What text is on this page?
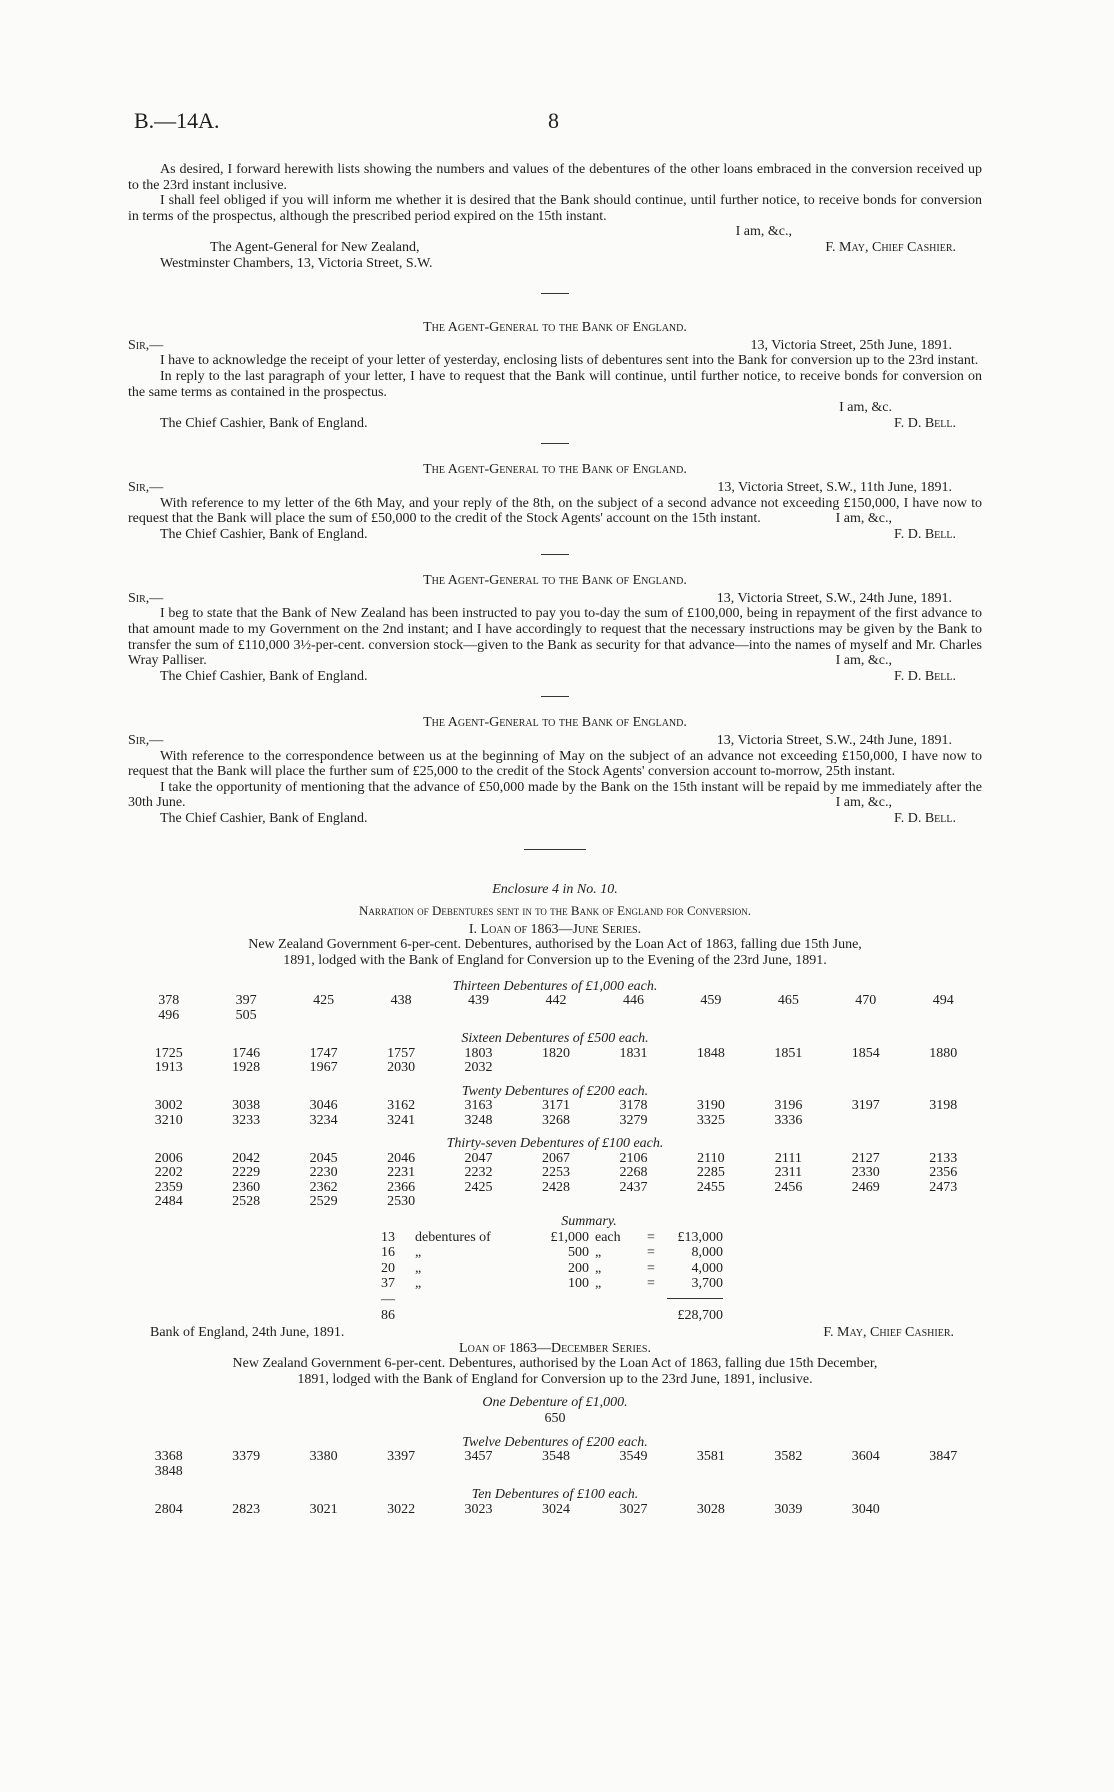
B.—14A.	8

As desired, I forward herewith lists showing the numbers and values of the debentures of the other loans embraced in the conversion received up to the 23rd instant inclusive.

I shall feel obliged if you will inform me whether it is desired that the Bank should continue, until further notice, to receive bonds for conversion in terms of the prospectus, although the prescribed period expired on the 15th instant.

I am, &c.,
The Agent-General for New Zealand,	F. May, Chief Cashier.
Westminster Chambers, 13, Victoria Street, S.W.
The Agent-General to the Bank of England.
Sir,—	13, Victoria Street, 25th June, 1891.

I have to acknowledge the receipt of your letter of yesterday, enclosing lists of debentures sent into the Bank for conversion up to the 23rd instant.

In reply to the last paragraph of your letter, I have to request that the Bank will continue, until further notice, to receive bonds for conversion on the same terms as contained in the prospectus.

I am, &c.
The Chief Cashier, Bank of England.	F. D. Bell.
The Agent-General to the Bank of England.
Sir,—	13, Victoria Street, S.W., 11th June, 1891.

With reference to my letter of the 6th May, and your reply of the 8th, on the subject of a second advance not exceeding £150,000, I have now to request that the Bank will place the sum of £50,000 to the credit of the Stock Agents' account on the 15th instant.	I am, &c.,
The Chief Cashier, Bank of England.	F. D. Bell.
The Agent-General to the Bank of England.
Sir,—	13, Victoria Street, S.W., 24th June, 1891.

I beg to state that the Bank of New Zealand has been instructed to pay you to-day the sum of £100,000, being in repayment of the first advance to that amount made to my Government on the 2nd instant; and I have accordingly to request that the necessary instructions may be given by the Bank to transfer the sum of £110,000 3½-per-cent. conversion stock—given to the Bank as security for that advance—into the names of myself and Mr. Charles Wray Palliser.	I am, &c.,
The Chief Cashier, Bank of England.	F. D. Bell.
The Agent-General to the Bank of England.
Sir,—	13, Victoria Street, S.W., 24th June, 1891.

With reference to the correspondence between us at the beginning of May on the subject of an advance not exceeding £150,000, I have now to request that the Bank will place the further sum of £25,000 to the credit of the Stock Agents' conversion account to-morrow, 25th instant.

I take the opportunity of mentioning that the advance of £50,000 made by the Bank on the 15th instant will be repaid by me immediately after the 30th June.	I am, &c.,
The Chief Cashier, Bank of England.	F. D. Bell.
Enclosure 4 in No. 10.
Narration of Debentures sent in to the Bank of England for Conversion.
I. Loan of 1863—June Series.
New Zealand Government 6-per-cent. Debentures, authorised by the Loan Act of 1863, falling due 15th June,
1891, lodged with the Bank of England for Conversion up to the Evening of the 23rd June, 1891.
Thirteen Debentures of £1,000 each.
378	397	425	438	439	442	446	459	465	470	494
496	505
Sixteen Debentures of £500 each.
1725	1746	1747	1757	1803	1820	1831	1848	1851	1854	1880
1913	1928	1967	2030	2032
Twenty Debentures of £200 each.
3002	3038	3046	3162	3163	3171	3178	3190	3196	3197	3198
3210	3233	3234	3241	3248	3268	3279	3325	3336
Thirty-seven Debentures of £100 each.
2006	2042	2045	2046	2047	2067	2106	2110	2111	2127	2133
2202	2229	2230	2231	2232	2253	2268	2285	2311	2330	2356
2359	2360	2362	2366	2425	2428	2437	2455	2456	2469	2473
2484	2528	2529	2530
Summary.
13	debentures of	£1,000	each	=	£13,000
16	„	500	„	=	8,000
20	„	200	„	=	4,000
37	„	100	„	=	3,700
—					

86					£28,700
Bank of England, 24th June, 1891.	F. May, Chief Cashier.
Loan of 1863—December Series.
New Zealand Government 6-per-cent. Debentures, authorised by the Loan Act of 1863, falling due 15th December,
1891, lodged with the Bank of England for Conversion up to the 23rd June, 1891, inclusive.
One Debenture of £1,000.
650
Twelve Debentures of £200 each.
3368	3379	3380	3397	3457	3548	3549	3581	3582	3604	3847
3848
Ten Debentures of £100 each.
2804	2823	3021	3022	3023	3024	3027	3028	3039	3040
